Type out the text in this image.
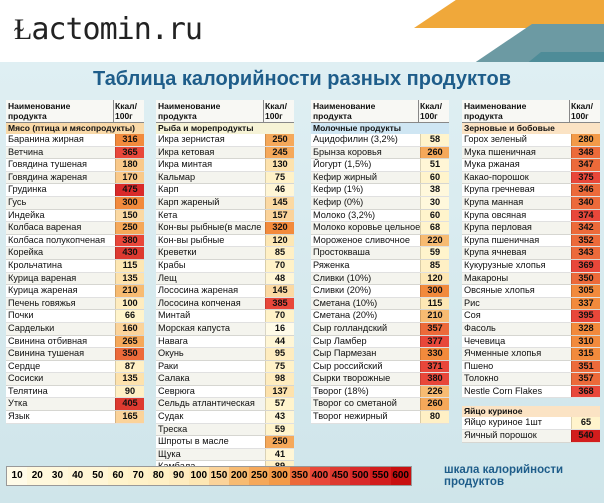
Ɫactomin.ru
Таблица калорийности разных продуктов
Наименование продукта
Ккал/ 100г
Мясо (птица и мясопродукты)
Баранина жирная	316
Ветчина	365
Говядина тушеная	180
Говядина жареная	170
Грудинка	475
Гусь	300
Индейка	150
Колбаса вареная	250
Колбаса полукопченая	380
Корейка	430
Крольчатина	115
Курица вареная	135
Курица жареная	210
Печень говяжья	100
Почки	66
Сардельки	160
Свинина отбивная	265
Свинина тушеная	350
Сердце	87
Сосиски	135
Телятина	90
Утка	405
Язык	165
Наименование продукта
Ккал/ 100г
Рыба и морепродукты
Икра зернистая	250
Икра кетовая	245
Икра минтая	130
Кальмар	75
Карп	46
Карп жареный	145
Кета	157
Кон-вы рыбные(в масле	320
Кон-вы рыбные	120
Креветки	85
Крабы	70
Лещ	48
Лососина жареная	145
Лососина копченая	385
Минтай	70
Морская капуста	16
Навага	44
Окунь	95
Раки	75
Салака	98
Севрюга	137
Сельдь атлантическая	57
Судак	43
Треска	59
Шпроты в масле	250
Щука	41
Наименование продукта
Ккал/ 100г
Молочные продукты
Ацидофилин (3,2%)	58
Брынза коровья	260
Йогурт (1,5%)	51
Кефир жирный	60
Кефир (1%)	38
Кефир (0%)	30
Молоко (3,2%)	60
Молоко коровье цельное	68
Мороженое сливочное	220
Простокваша	59
Ряженка	85
Сливки (10%)	120
Сливки (20%)	300
Сметана (10%)	115
Сметана (20%)	210
Сыр голландский	357
Сыр Ламбер	377
Сыр Пармезан	330
Сыр российский	371
Сырки творожные	380
Творог (18%)	226
Творог со сметаной	260
Творог нежирный	80
Наименование продукта
Ккал/ 100г
Зерновые и бобовые
Горох зеленый	280
Мука пшеничная	348
Мука ржаная	347
Какао-порошок	375
Крупа гречневая	346
Крупа манная	340
Крупа овсяная	374
Крупа перловая	342
Крупа пшеничная	352
Крупа ячневая	343
Кукурузные хлопья	369
Макароны	350
Овсяные хлопья	305
Рис	337
Соя	395
Фасоль	328
Чечевица	310
Ячменные хлопья	315
Пшено	351
Толокно	357
Nestle Corn Flakes	368
Яйцо куриное
Яйцо куриное 1шт	65
Яичный порошок	540
10 20 30 40 50 60 70 80 90 100 150 200 250 300 350 400 450 500 550 600	шкала калорийности продуктов
